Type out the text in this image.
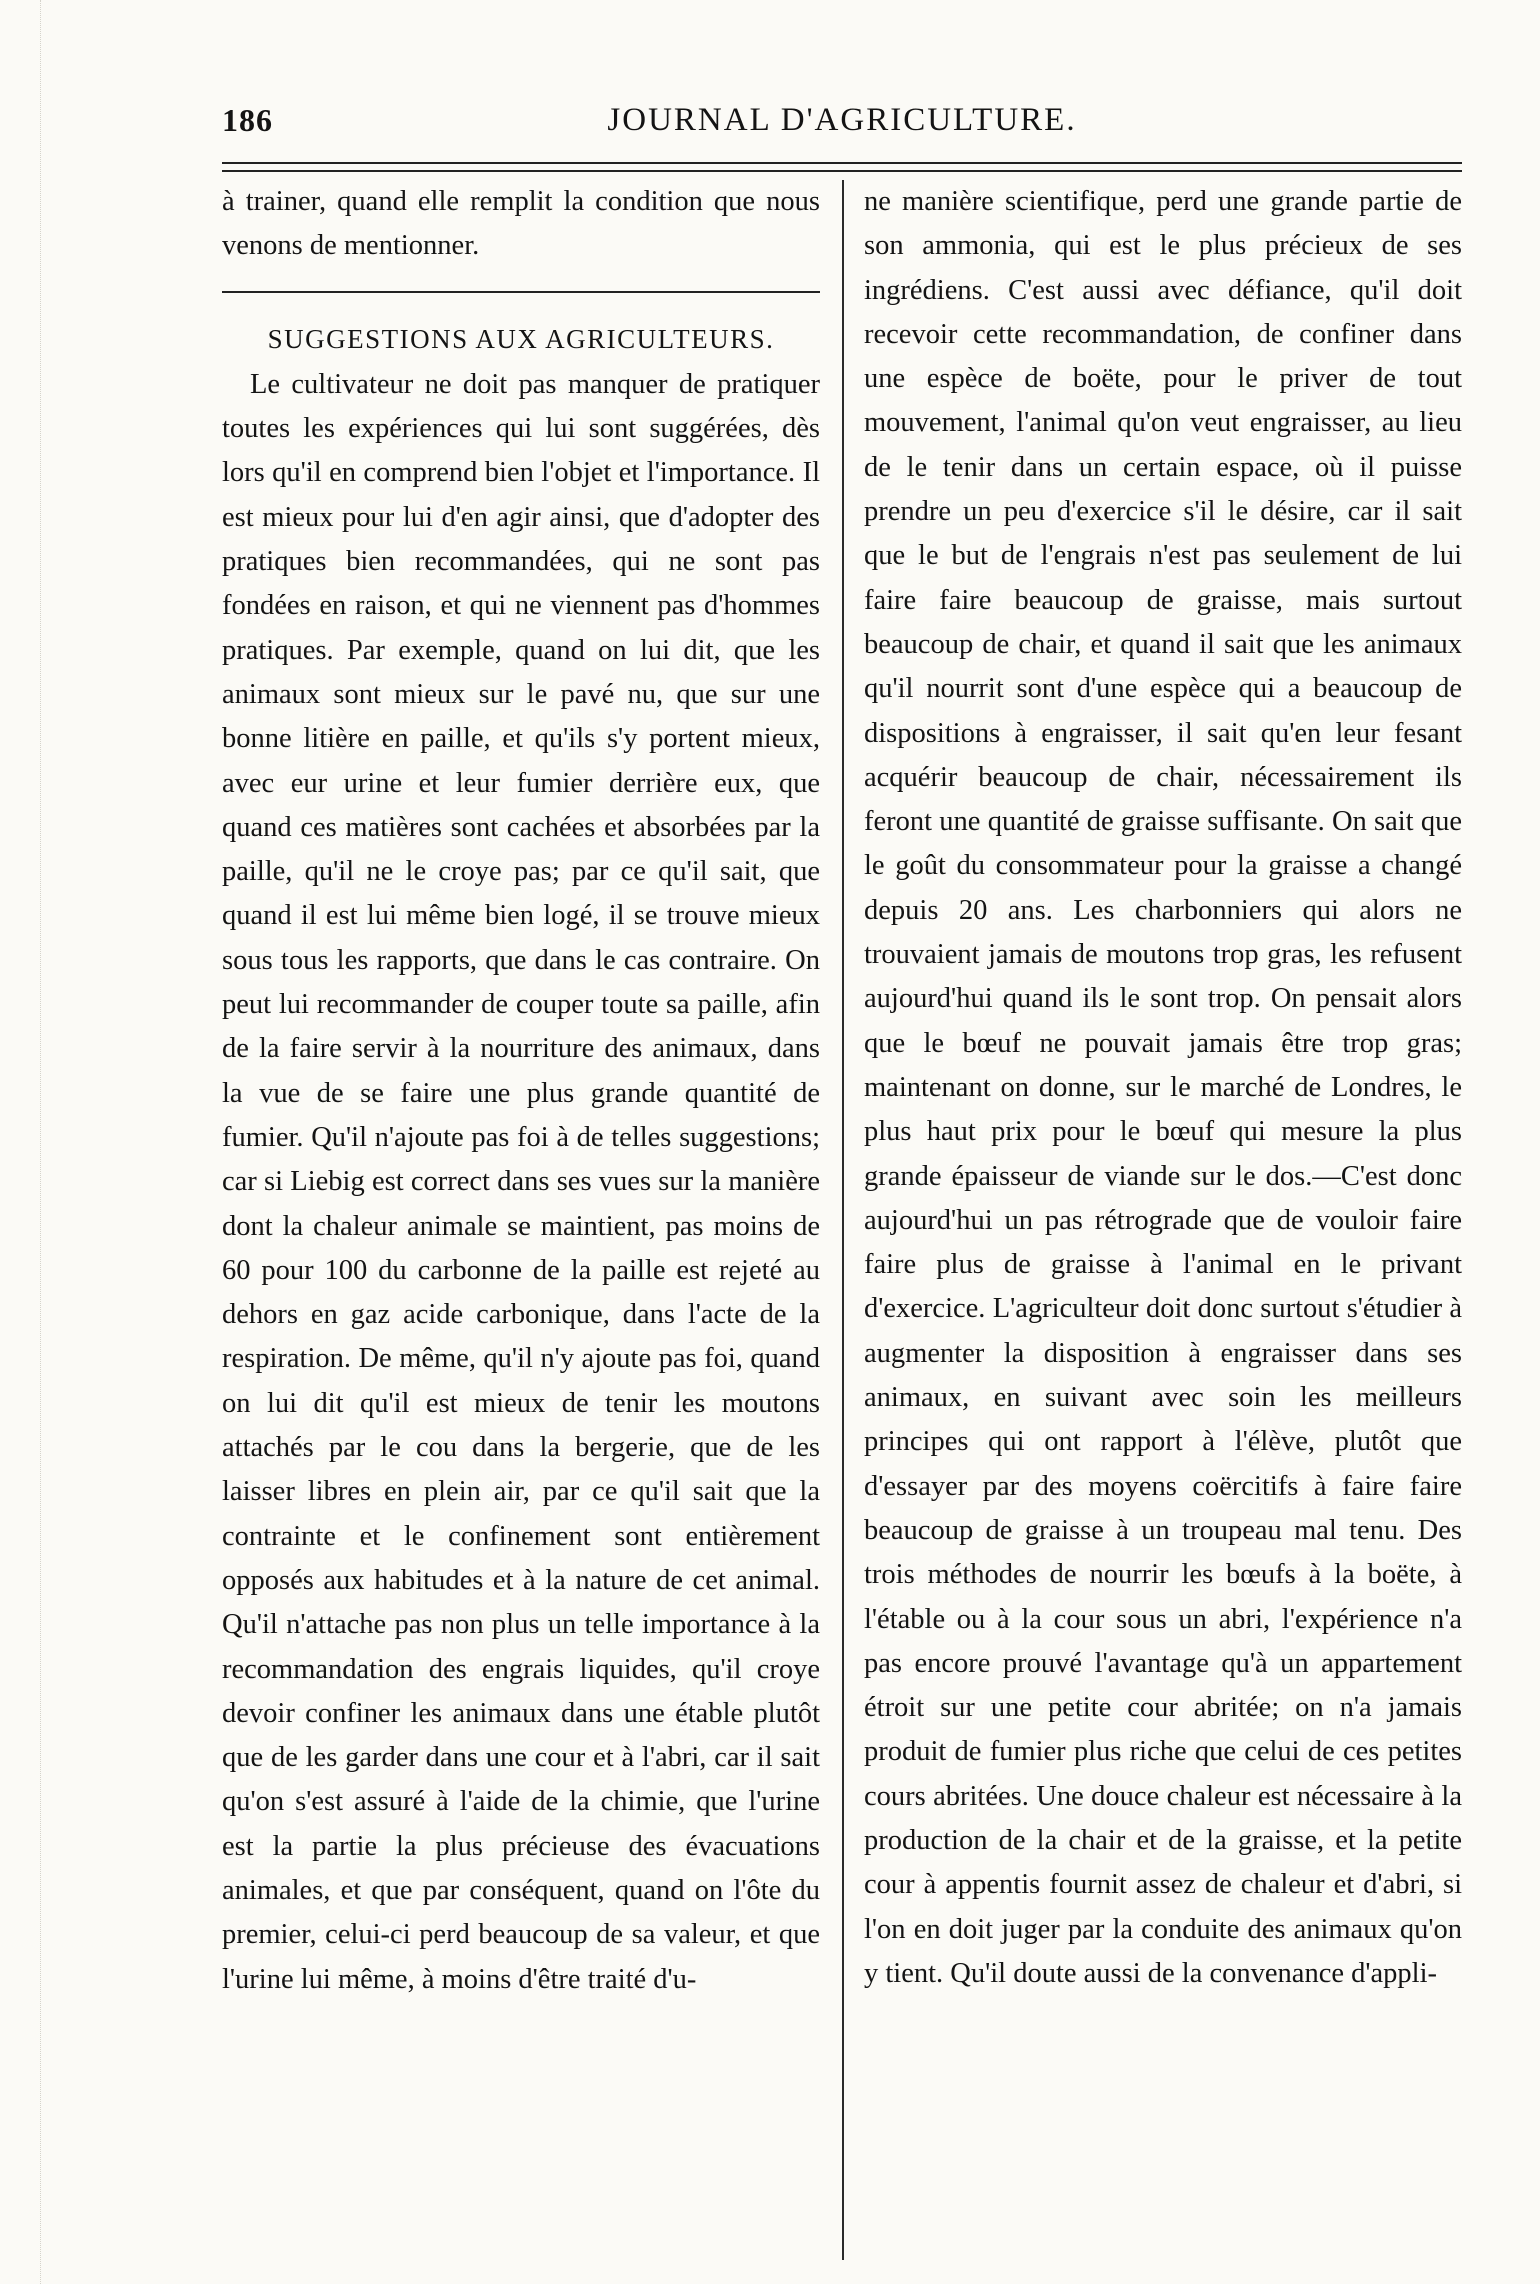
186	JOURNAL D'AGRICULTURE.

à trainer, quand elle remplit la condition que nous venons de mentionner.

SUGGESTIONS AUX AGRICULTEURS.

Le cultivateur ne doit pas manquer de pratiquer toutes les expériences qui lui sont suggérées, dès lors qu'il en comprend bien l'objet et l'importance. Il est mieux pour lui d'en agir ainsi, que d'adopter des pratiques bien recommandées, qui ne sont pas fondées en raison, et qui ne viennent pas d'hommes pratiques. Par exemple, quand on lui dit, que les animaux sont mieux sur le pavé nu, que sur une bonne litière en paille, et qu'ils s'y portent mieux, avec eur urine et leur fumier derrière eux, que quand ces matières sont cachées et absorbées par la paille, qu'il ne le croye pas; par ce qu'il sait, que quand il est lui même bien logé, il se trouve mieux sous tous les rapports, que dans le cas contraire. On peut lui recommander de couper toute sa paille, afin de la faire servir à la nourriture des animaux, dans la vue de se faire une plus grande quantité de fumier. Qu'il n'ajoute pas foi à de telles suggestions; car si Liebig est correct dans ses vues sur la manière dont la chaleur animale se maintient, pas moins de 60 pour 100 du carbonne de la paille est rejeté au dehors en gaz acide carbonique, dans l'acte de la respiration. De même, qu'il n'y ajoute pas foi, quand on lui dit qu'il est mieux de tenir les moutons attachés par le cou dans la bergerie, que de les laisser libres en plein air, par ce qu'il sait que la contrainte et le confinement sont entièrement opposés aux habitudes et à la nature de cet animal. Qu'il n'attache pas non plus un telle importance à la recommandation des engrais liquides, qu'il croye devoir confiner les animaux dans une étable plutôt que de les garder dans une cour et à l'abri, car il sait qu'on s'est assuré à l'aide de la chimie, que l'urine est la partie la plus précieuse des évacuations animales, et que par conséquent, quand on l'ôte du premier, celui-ci perd beaucoup de sa valeur, et que l'urine lui même, à moins d'être traité d'u-

ne manière scientifique, perd une grande partie de son ammonia, qui est le plus précieux de ses ingrédiens. C'est aussi avec défiance, qu'il doit recevoir cette recommandation, de confiner dans une espèce de boëte, pour le priver de tout mouvement, l'animal qu'on veut engraisser, au lieu de le tenir dans un certain espace, où il puisse prendre un peu d'exercice s'il le désire, car il sait que le but de l'engrais n'est pas seulement de lui faire faire beaucoup de graisse, mais surtout beaucoup de chair, et quand il sait que les animaux qu'il nourrit sont d'une espèce qui a beaucoup de dispositions à engraisser, il sait qu'en leur fesant acquérir beaucoup de chair, nécessairement ils feront une quantité de graisse suffisante. On sait que le goût du consommateur pour la graisse a changé depuis 20 ans. Les charbonniers qui alors ne trouvaient jamais de moutons trop gras, les refusent aujourd'hui quand ils le sont trop. On pensait alors que le bœuf ne pouvait jamais être trop gras; maintenant on donne, sur le marché de Londres, le plus haut prix pour le bœuf qui mesure la plus grande épaisseur de viande sur le dos.—C'est donc aujourd'hui un pas rétrograde que de vouloir faire faire plus de graisse à l'animal en le privant d'exercice. L'agriculteur doit donc surtout s'étudier à augmenter la disposition à engraisser dans ses animaux, en suivant avec soin les meilleurs principes qui ont rapport à l'élève, plutôt que d'essayer par des moyens coërcitifs à faire faire beaucoup de graisse à un troupeau mal tenu. Des trois méthodes de nourrir les bœufs à la boëte, à l'étable ou à la cour sous un abri, l'expérience n'a pas encore prouvé l'avantage qu'à un appartement étroit sur une petite cour abritée; on n'a jamais produit de fumier plus riche que celui de ces petites cours abritées. Une douce chaleur est nécessaire à la production de la chair et de la graisse, et la petite cour à appentis fournit assez de chaleur et d'abri, si l'on en doit juger par la conduite des animaux qu'on y tient. Qu'il doute aussi de la convenance d'appli-
